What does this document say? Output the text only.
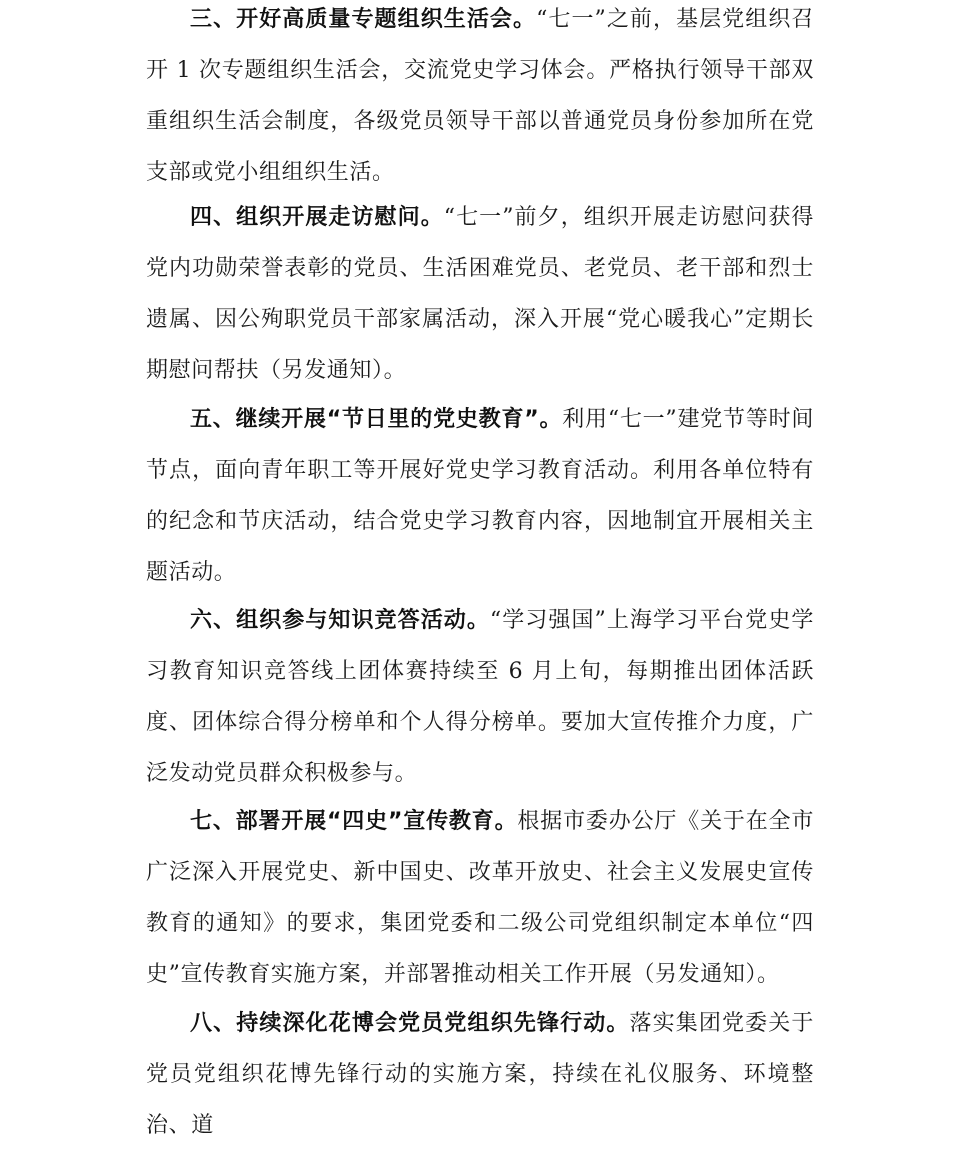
三、开好高质量专题组织生活会。“七一”之前，基层党组织召开 1 次专题组织生活会，交流党史学习体会。严格执行领导干部双重组织生活会制度，各级党员领导干部以普通党员身份参加所在党支部或党小组组织生活。

四、组织开展走访慰问。“七一”前夕，组织开展走访慰问获得党内功勋荣誉表彰的党员、生活困难党员、老党员、老干部和烈士遗属、因公殉职党员干部家属活动，深入开展“党心暖我心”定期长期慰问帮扶（另发通知）。

五、继续开展“节日里的党史教育”。利用“七一”建党节等时间节点，面向青年职工等开展好党史学习教育活动。利用各单位特有的纪念和节庆活动，结合党史学习教育内容，因地制宜开展相关主题活动。

六、组织参与知识竞答活动。“学习强国”上海学习平台党史学习教育知识竞答线上团体赛持续至 6 月上旬，每期推出团体活跃度、团体综合得分榜单和个人得分榜单。要加大宣传推介力度，广泛发动党员群众积极参与。

七、部署开展“四史”宣传教育。根据市委办公厅《关于在全市广泛深入开展党史、新中国史、改革开放史、社会主义发展史宣传教育的通知》的要求，集团党委和二级公司党组织制定本单位“四史”宣传教育实施方案，并部署推动相关工作开展（另发通知）。

八、持续深化花博会党员党组织先锋行动。落实集团党委关于党员党组织花博先锋行动的实施方案，持续在礼仪服务、环境整治、道
